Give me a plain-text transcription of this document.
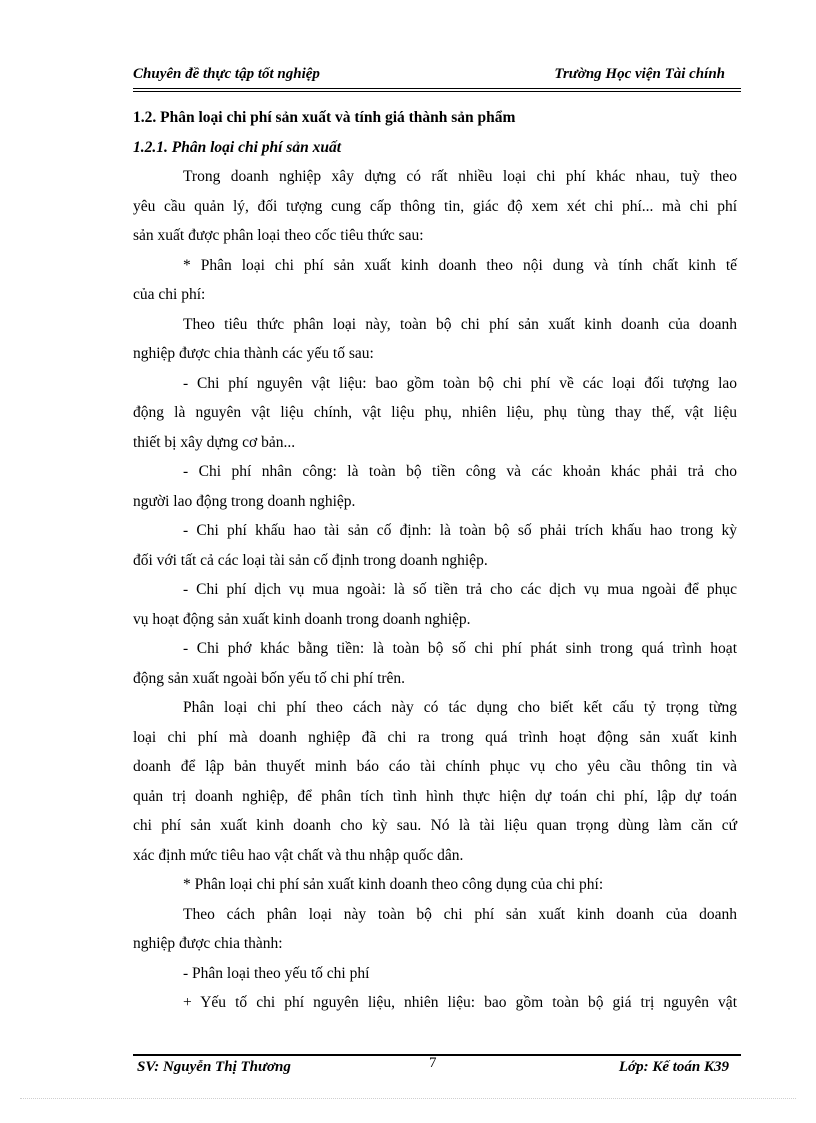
Chuyên đề thực tập tốt nghiệp	Trường Học viện Tài chính
1.2. Phân loại chi phí sản xuất và tính giá thành sản phẩm
1.2.1. Phân loại chi phí sản xuất
Trong doanh nghiệp xây dựng có rất nhiều loại chi phí khác nhau, tuỳ theo
yêu cầu quản lý, đối tượng cung cấp thông tin, giác độ xem xét chi phí... mà chi phí
sản xuất được phân loại theo cốc tiêu thức sau:
* Phân loại chi phí sản xuất kinh doanh theo nội dung và tính chất kinh tế
của chi phí:
Theo tiêu thức phân loại này, toàn bộ chi phí sản xuất kinh doanh của doanh
nghiệp được chia thành các yếu tố sau:
- Chi phí nguyên vật liệu: bao gồm toàn bộ chi phí về các loại đối tượng lao
động là nguyên vật liệu chính, vật liệu phụ, nhiên liệu, phụ tùng thay thế, vật liệu
thiết bị xây dựng cơ bản...
- Chi phí nhân công: là toàn bộ tiền công và các khoản khác phải trả cho
người lao động trong doanh nghiệp.
- Chi phí khấu hao tài sản cố định: là toàn bộ số phải trích khấu hao trong kỳ
đối với tất cả các loại tài sản cố định trong doanh nghiệp.
- Chi phí dịch vụ mua ngoài: là số tiền trả cho các dịch vụ mua ngoài để phục
vụ hoạt động sản xuất kinh doanh trong doanh nghiệp.
- Chi phớ khác bằng tiền: là toàn bộ số chi phí phát sinh trong quá trình hoạt
động sản xuất ngoài bốn yếu tố chi phí trên.
Phân loại chi phí theo cách này có tác dụng cho biết kết cấu tỷ trọng từng
loại chi phí mà doanh nghiệp đã chi ra trong quá trình hoạt động sản xuất kinh
doanh để lập bản thuyết minh báo cáo tài chính phục vụ cho yêu cầu thông tin và
quản trị doanh nghiệp, để phân tích tình hình thực hiện dự toán chi phí, lập dự toán
chi phí sản xuất kinh doanh cho kỳ sau. Nó là tài liệu quan trọng dùng làm căn cứ
xác định mức tiêu hao vật chất và thu nhập quốc dân.
* Phân loại chi phí sản xuất kinh doanh theo công dụng của chi phí:
Theo cách phân loại này toàn bộ chi phí sản xuất kinh doanh của doanh
nghiệp được chia thành:
- Phân loại theo yếu tố chi phí
+ Yếu tố chi phí nguyên liệu, nhiên liệu: bao gồm toàn bộ giá trị nguyên vật
SV: Nguyễn Thị Thương	7	Lớp: Kế toán K39
